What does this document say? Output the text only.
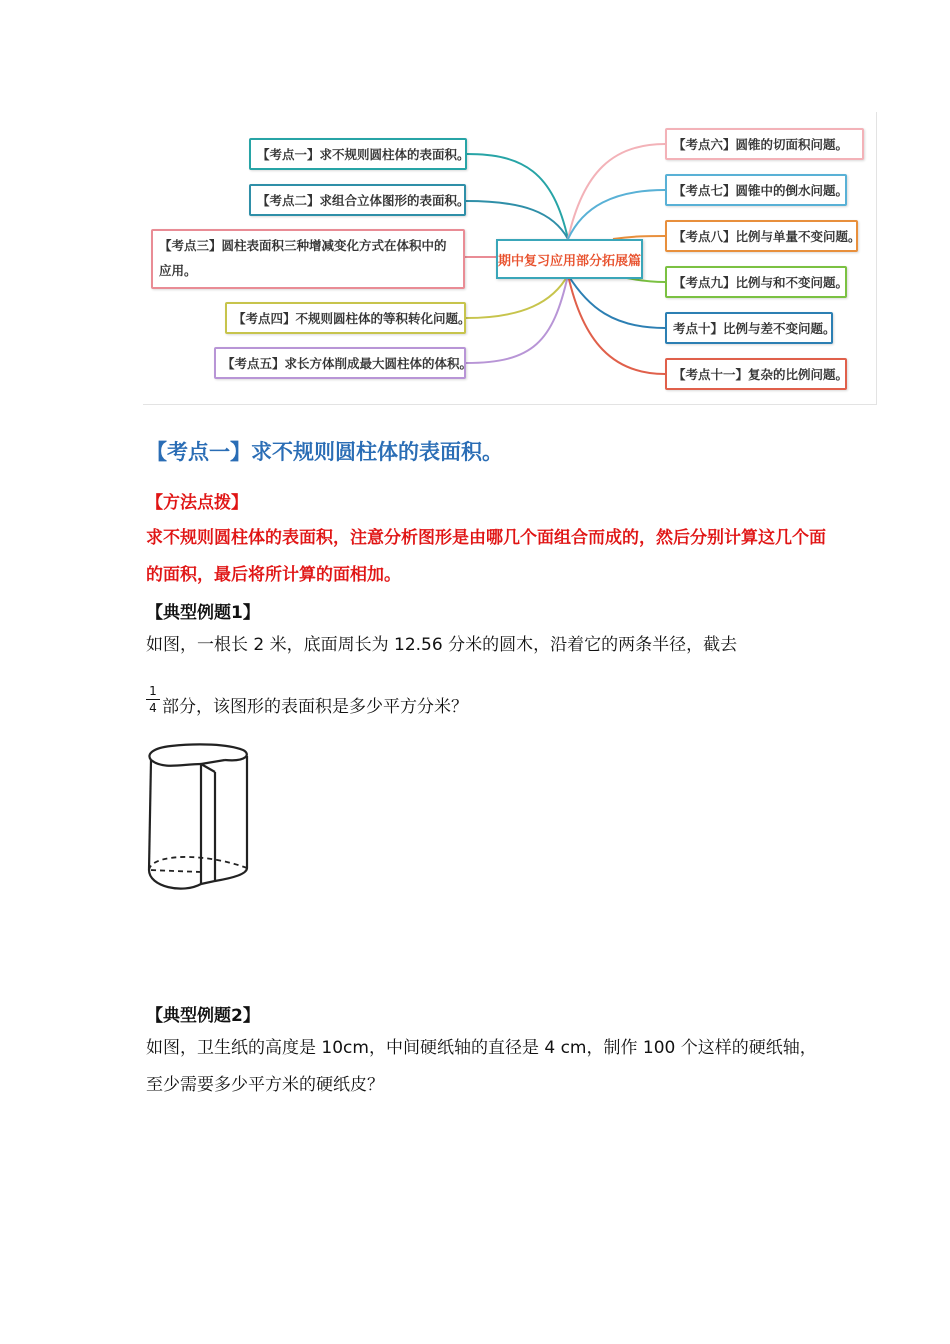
期中复习应用部分拓展篇
【考点一】求不规则圆柱体的表面积。
【考点二】求组合立体图形的表面积。
【考点三】圆柱表面积三种增减变化方式在体积中的应用。
【考点四】不规则圆柱体的等积转化问题。
【考点五】求长方体削成最大圆柱体的体积。
【考点六】圆锥的切面积问题。
【考点七】圆锥中的倒水问题。
【考点八】比例与单量不变问题。
【考点九】比例与和不变问题。
考点十】比例与差不变问题。
【考点十一】复杂的比例问题。
【考点一】求不规则圆柱体的表面积。
【方法点拨】
求不规则圆柱体的表面积，注意分析图形是由哪几个面组合而成的，然后分别计算这几个面的面积，最后将所计算的面相加。
【典型例题1】
如图，一根长 2 米，底面周长为 12.56 分米的圆木，沿着它的两条半径，截去
1
4 部分，该图形的表面积是多少平方分米？
【典型例题2】
如图，卫生纸的高度是 10cm，中间硬纸轴的直径是 4 cm，制作 100 个这样的硬纸轴，至少需要多少平方米的硬纸皮？
